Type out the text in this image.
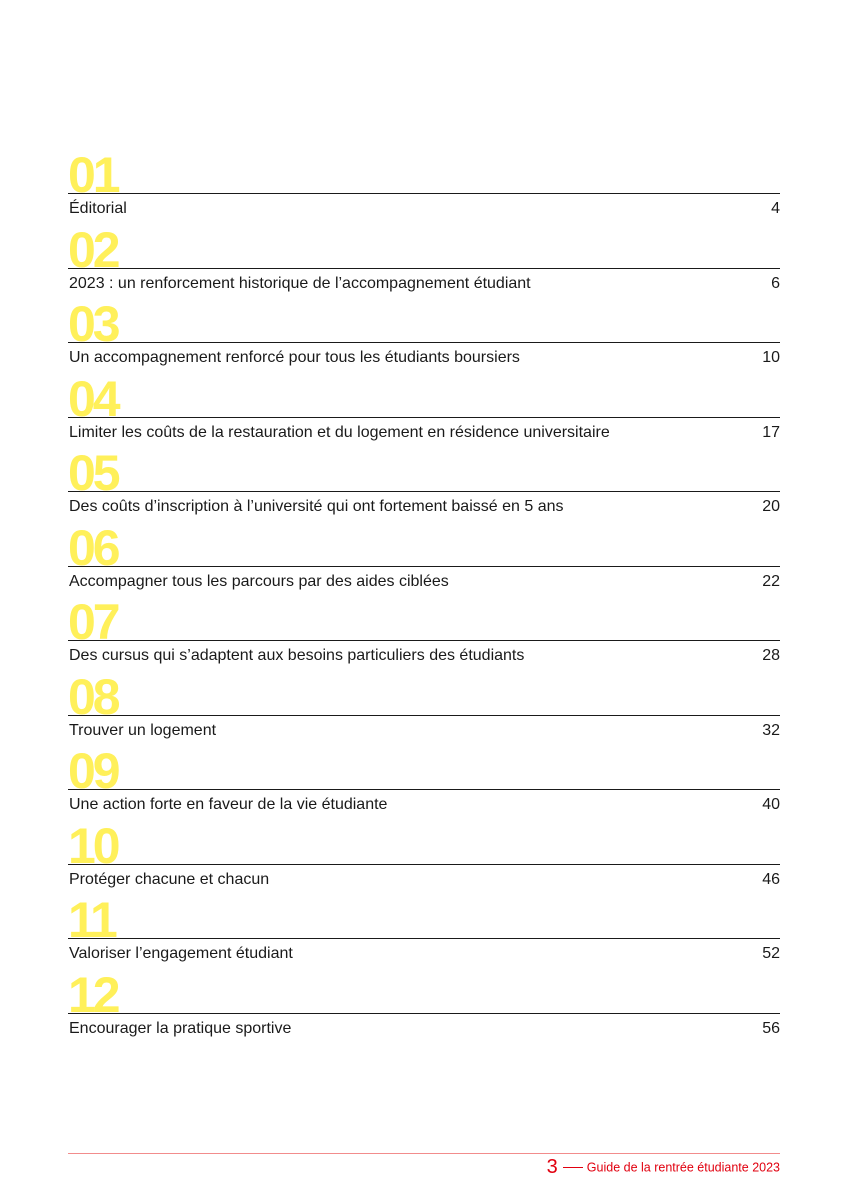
01
Éditorial	4
02
2023 : un renforcement historique de l’accompagnement étudiant	6
03
Un accompagnement renforcé pour tous les étudiants boursiers	10
04
Limiter les coûts de la restauration et du logement en résidence universitaire	17
05
Des coûts d’inscription à l’université qui ont fortement baissé en 5 ans	20
06
Accompagner tous les parcours par des aides ciblées	22
07
Des cursus qui s’adaptent aux besoins particuliers des étudiants	28
08
Trouver un logement	32
09
Une action forte en faveur de la vie étudiante	40
10
Protéger chacune et chacun	46
11
Valoriser l’engagement étudiant	52
12
Encourager la pratique sportive	56
3 Guide de la rentrée étudiante 2023
